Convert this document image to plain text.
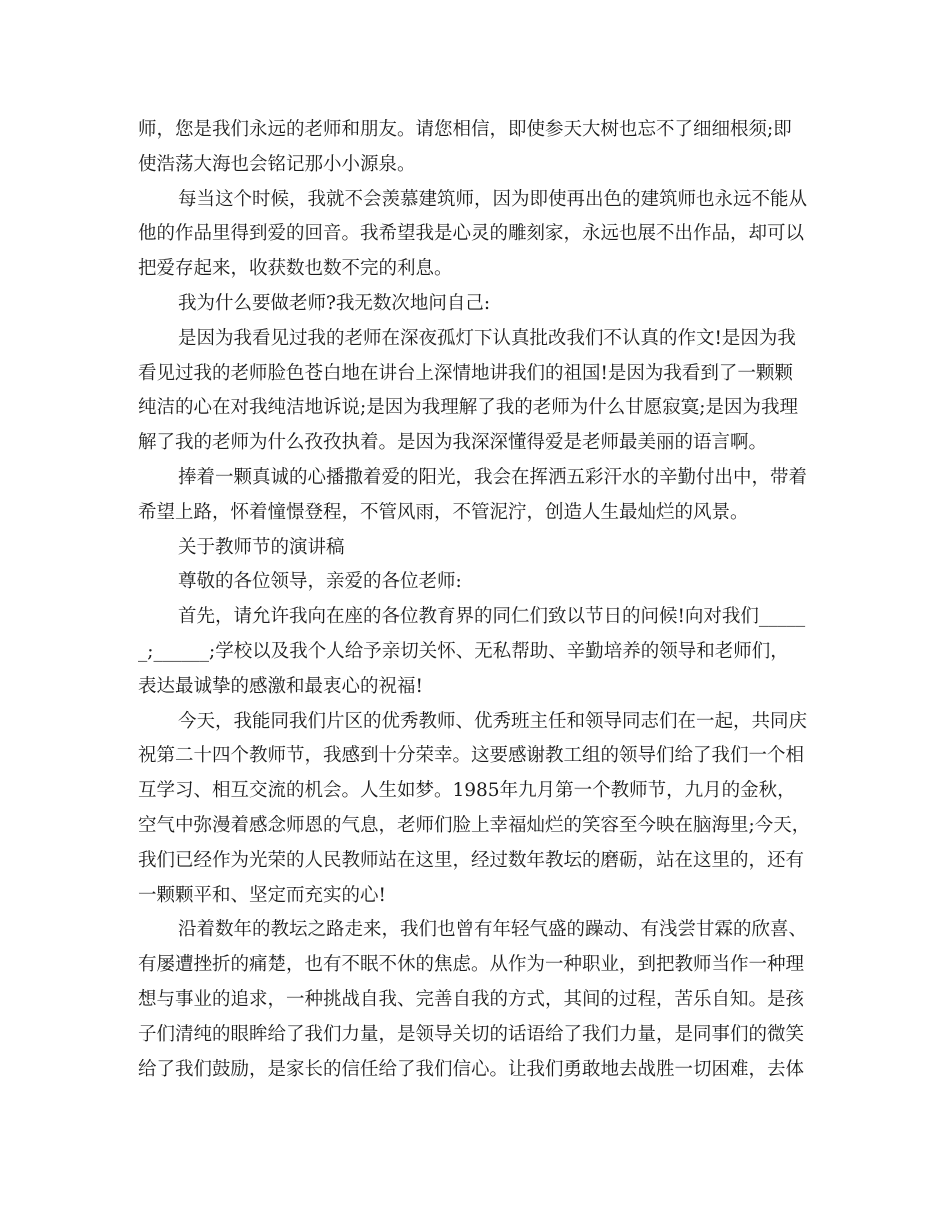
师，您是我们永远的老师和朋友。请您相信，即使参天大树也忘不了细细根须;即

使浩荡大海也会铭记那小小源泉。

每当这个时候，我就不会羡慕建筑师，因为即使再出色的建筑师也永远不能从

他的作品里得到爱的回音。我希望我是心灵的雕刻家，永远也展不出作品，却可以

把爱存起来，收获数也数不完的利息。

我为什么要做老师?我无数次地问自己:

是因为我看见过我的老师在深夜孤灯下认真批改我们不认真的作文!是因为我

看见过我的老师脸色苍白地在讲台上深情地讲我们的祖国!是因为我看到了一颗颗

纯洁的心在对我纯洁地诉说;是因为我理解了我的老师为什么甘愿寂寞;是因为我理

解了我的老师为什么孜孜执着。是因为我深深懂得爱是老师最美丽的语言啊。

捧着一颗真诚的心播撒着爱的阳光，我会在挥洒五彩汗水的辛勤付出中，带着

希望上路，怀着憧憬登程，不管风雨，不管泥泞，创造人生最灿烂的风景。

关于教师节的演讲稿

尊敬的各位领导，亲爱的各位老师:

首先，请允许我向在座的各位教育界的同仁们致以节日的问候!向对我们_____

_;______;学校以及我个人给予亲切关怀、无私帮助、辛勤培养的领导和老师们，

表达最诚挚的感激和最衷心的祝福!

今天，我能同我们片区的优秀教师、优秀班主任和领导同志们在一起，共同庆

祝第二十四个教师节，我感到十分荣幸。这要感谢教工组的领导们给了我们一个相

互学习、相互交流的机会。人生如梦。1985年九月第一个教师节，九月的金秋，

空气中弥漫着感念师恩的气息，老师们脸上幸福灿烂的笑容至今映在脑海里;今天，

我们已经作为光荣的人民教师站在这里，经过数年教坛的磨砺，站在这里的，还有

一颗颗平和、坚定而充实的心!

沿着数年的教坛之路走来，我们也曾有年轻气盛的躁动、有浅尝甘霖的欣喜、

有屡遭挫折的痛楚，也有不眠不休的焦虑。从作为一种职业，到把教师当作一种理

想与事业的追求，一种挑战自我、完善自我的方式，其间的过程，苦乐自知。是孩

子们清纯的眼眸给了我们力量，是领导关切的话语给了我们力量，是同事们的微笑

给了我们鼓励，是家长的信任给了我们信心。让我们勇敢地去战胜一切困难，去体
